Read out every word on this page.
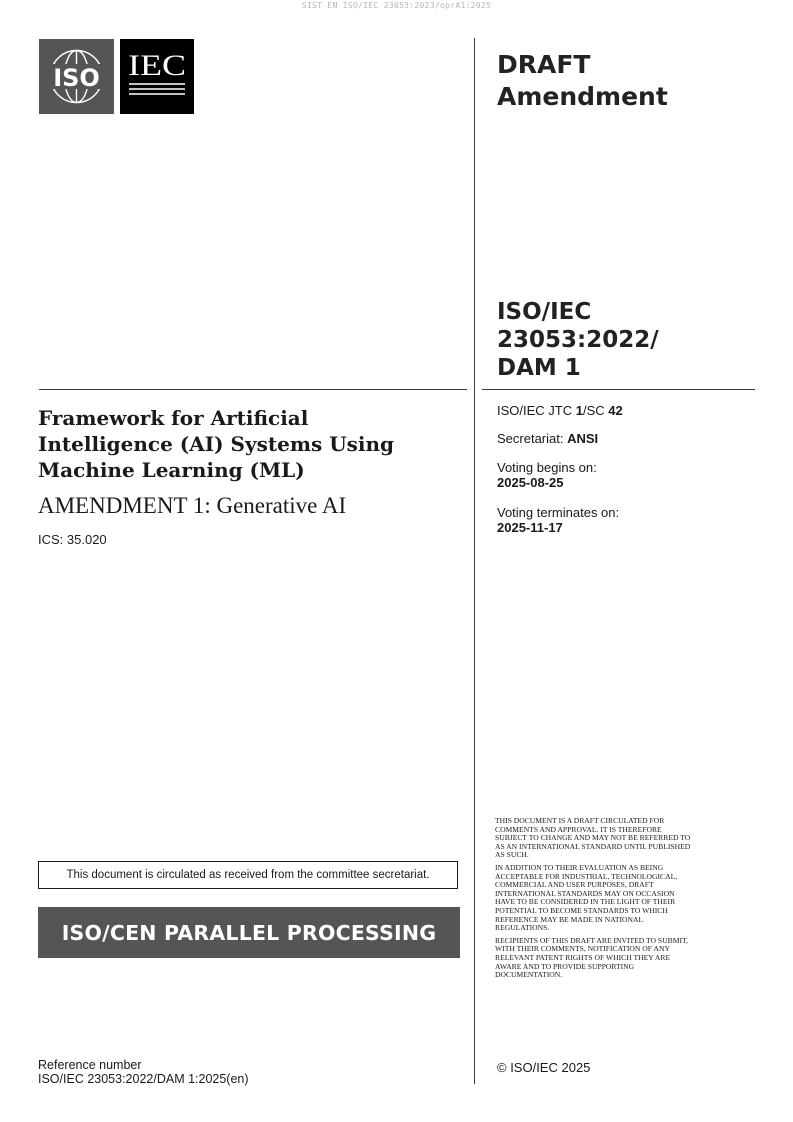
SIST EN ISO/IEC 23053:2023/oprA1:2025
ISO IEC	DRAFT
Amendment
ISO/IEC
23053:2022/
DAM 1
Framework for Artificial
Intelligence (AI) Systems Using
Machine Learning (ML)
AMENDMENT 1: Generative AI
ICS: 35.020
ISO/IEC JTC 1/SC 42
Secretariat: ANSI
Voting begins on:
2025-08-25
Voting terminates on:
2025-11-17
This document is circulated as received from the committee secretariat.
ISO/CEN PARALLEL PROCESSING

THIS DOCUMENT IS A DRAFT CIRCULATED FOR COMMENTS AND APPROVAL. IT IS THEREFORE SUBJECT TO CHANGE AND MAY NOT BE REFERRED TO AS AN INTERNATIONAL STANDARD UNTIL PUBLISHED AS SUCH.

IN ADDITION TO THEIR EVALUATION AS BEING ACCEPTABLE FOR INDUSTRIAL, TECHNOLOGICAL, COMMERCIAL AND USER PURPOSES, DRAFT INTERNATIONAL STANDARDS MAY ON OCCASION HAVE TO BE CONSIDERED IN THE LIGHT OF THEIR POTENTIAL TO BECOME STANDARDS TO WHICH REFERENCE MAY BE MADE IN NATIONAL REGULATIONS.

RECIPIENTS OF THIS DRAFT ARE INVITED TO SUBMIT, WITH THEIR COMMENTS, NOTIFICATION OF ANY RELEVANT PATENT RIGHTS OF WHICH THEY ARE AWARE AND TO PROVIDE SUPPORTING DOCUMENTATION.

© ISO/IEC 2025
Reference number
ISO/IEC 23053:2022/DAM 1:2025(en)
